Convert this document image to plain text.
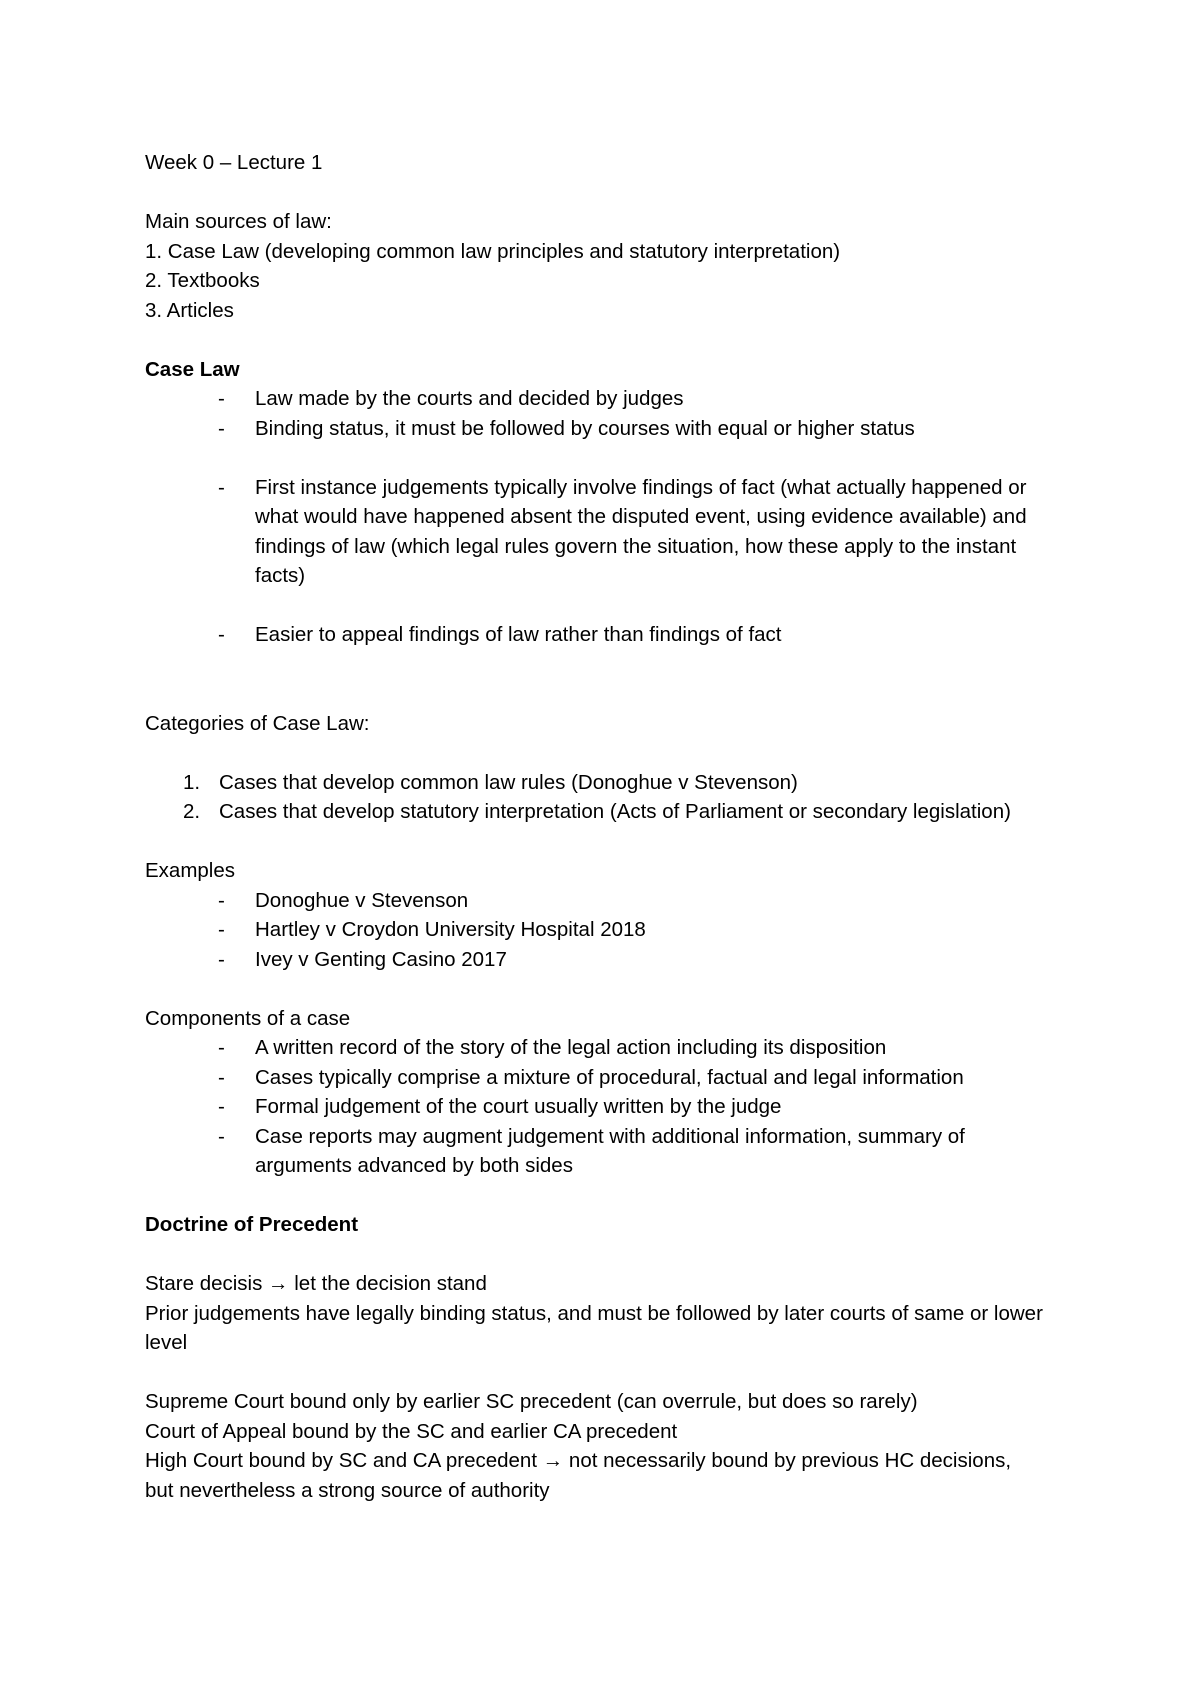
Week 0 – Lecture 1

Main sources of law:

1. Case Law (developing common law principles and statutory interpretation)

2. Textbooks

3. Articles

Case Law

- Law made by the courts and decided by judges
- Binding status, it must be followed by courses with equal or higher status
- First instance judgements typically involve findings of fact (what actually happened or what would have happened absent the disputed event, using evidence available) and findings of law (which legal rules govern the situation, how these apply to the instant facts)
- Easier to appeal findings of law rather than findings of fact

Categories of Case Law:

1. Cases that develop common law rules (Donoghue v Stevenson)
2. Cases that develop statutory interpretation (Acts of Parliament or secondary legislation)

Examples

- Donoghue v Stevenson
- Hartley v Croydon University Hospital 2018
- Ivey v Genting Casino 2017

Components of a case

- A written record of the story of the legal action including its disposition
- Cases typically comprise a mixture of procedural, factual and legal information
- Formal judgement of the court usually written by the judge
- Case reports may augment judgement with additional information, summary of arguments advanced by both sides

Doctrine of Precedent

Stare decisis → let the decision stand

Prior judgements have legally binding status, and must be followed by later courts of same or lower level

Supreme Court bound only by earlier SC precedent (can overrule, but does so rarely)

Court of Appeal bound by the SC and earlier CA precedent

High Court bound by SC and CA precedent → not necessarily bound by previous HC decisions, but nevertheless a strong source of authority
